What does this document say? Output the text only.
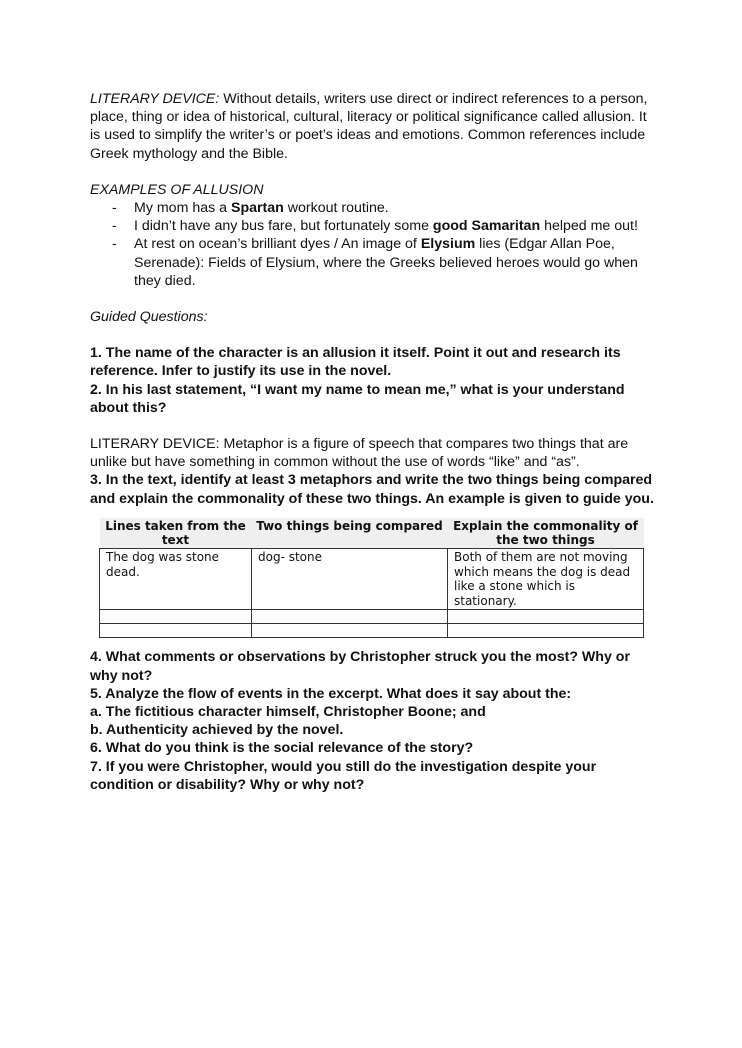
LITERARY DEVICE: Without details, writers use direct or indirect references to a person, place, thing or idea of historical, cultural, literacy or political significance called allusion. It is used to simplify the writer’s or poet’s ideas and emotions. Common references include Greek mythology and the Bible.

EXAMPLES OF ALLUSION

- My mom has a Spartan workout routine.
- I didn’t have any bus fare, but fortunately some good Samaritan helped me out!
- At rest on ocean’s brilliant dyes / An image of Elysium lies (Edgar Allan Poe, Serenade): Fields of Elysium, where the Greeks believed heroes would go when they died.

Guided Questions:

1. The name of the character is an allusion it itself. Point it out and research its reference. Infer to justify its use in the novel.

2. In his last statement, “I want my name to mean me,” what is your understand about this?

LITERARY DEVICE: Metaphor is a figure of speech that compares two things that are unlike but have something in common without the use of words “like” and “as”.

3. In the text, identify at least 3 metaphors and write the two things being compared and explain the commonality of these two things. An example is given to guide you.

Lines taken from the text	Two things being compared	Explain the commonality of the two things
The dog was stone dead.	dog- stone	Both of them are not moving which means the dog is dead like a stone which is stationary.

4. What comments or observations by Christopher struck you the most? Why or why not?

5. Analyze the flow of events in the excerpt. What does it say about the:

a. The fictitious character himself, Christopher Boone; and

b. Authenticity achieved by the novel.

6. What do you think is the social relevance of the story?

7. If you were Christopher, would you still do the investigation despite your condition or disability? Why or why not?
